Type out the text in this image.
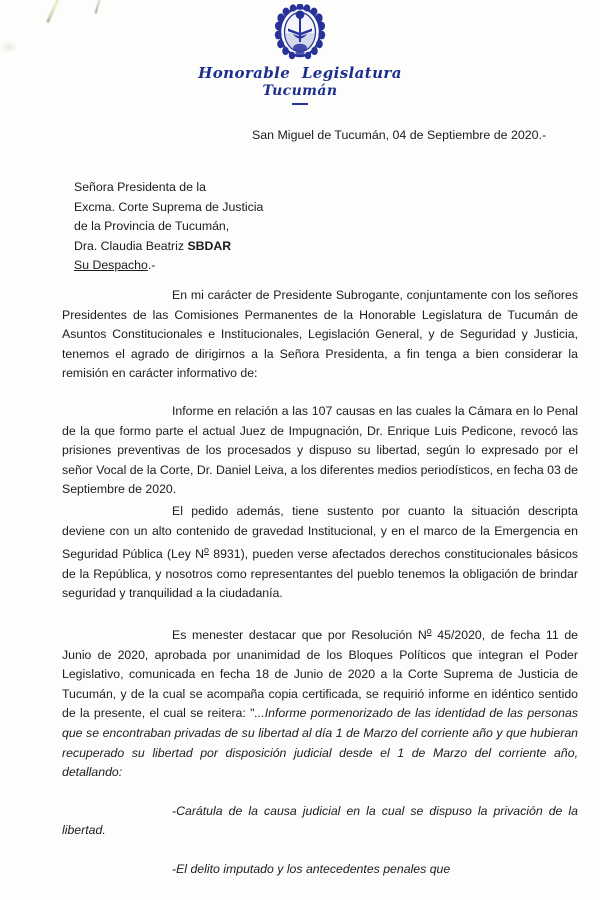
Honorable Legislatura
Tucumán
San Miguel de Tucumán, 04 de Septiembre de 2020.-
Señora Presidenta de la
Excma. Corte Suprema de Justicia
de la Provincia de Tucumán,
Dra. Claudia Beatriz SBDAR
Su Despacho.-

En mi carácter de Presidente Subrogante, conjuntamente con los señores Presidentes de las Comisiones Permanentes de la Honorable Legislatura de Tucumán de Asuntos Constitucionales e Institucionales, Legislación General, y de Seguridad y Justicia, tenemos el agrado de dirigirnos a la Señora Presidenta, a fin tenga a bien considerar la remisión en carácter informativo de:

Informe en relación a las 107 causas en las cuales la Cámara en lo Penal de la que formo parte el actual Juez de Impugnación, Dr. Enrique Luis Pedicone, revocó las prisiones preventivas de los procesados y dispuso su libertad, según lo expresado por el señor Vocal de la Corte, Dr. Daniel Leiva, a los diferentes medios periodísticos, en fecha 03 de Septiembre de 2020.

El pedido además, tiene sustento por cuanto la situación descripta deviene con un alto contenido de gravedad Institucional, y en el marco de la Emergencia en Seguridad Pública (Ley $N^o$ 8931), pueden verse afectados derechos constitucionales básicos de la República, y nosotros como representantes del pueblo tenemos la obligación de brindar seguridad y tranquilidad a la ciudadanía.

Es menester destacar que por Resolución $N^o$ 45/2020, de fecha 11 de Junio de 2020, aprobada por unanimidad de los Bloques Políticos que integran el Poder Legislativo, comunicada en fecha 18 de Junio de 2020 a la Corte Suprema de Justicia de Tucumán, y de la cual se acompaña copia certificada, se requirió informe en idéntico sentido de la presente, el cual se reitera: "...Informe pormenorizado de las identidad de las personas que se encontraban privadas de su libertad al día 1 de Marzo del corriente año y que hubieran recuperado su libertad por disposición judicial desde el 1 de Marzo del corriente año, detallando:

-Carátula de la causa judicial en la cual se dispuso la privación de la libertad.

-El delito imputado y los antecedentes penales que
